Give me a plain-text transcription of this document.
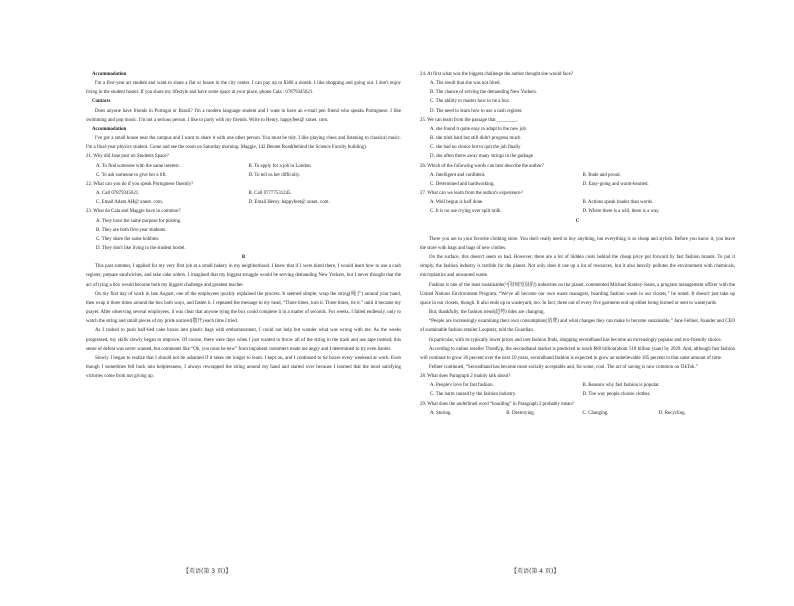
Accommodation

I'm a first-year art student and want to share a flat or house in the city center. I can pay up to $300 a month. I like shopping and going out. I don't enjoy living in the student hostel. If you share my lifestyle and have some space at your place, phone Cala : 07879345621.

Contacts

Does anyone have friends in Portugal or Brazil? I'm a modern language student and I want to have an e-mail pen friend who speaks Portuguese. I like swimming and pop music. I'm not a serious person. I like to party with my friends. Write to Henry. happyfeet@ xnnet. com.

Accommodation

I've got a small house near the campus and I want to share it with one other person. You must be tidy. I like playing chess and listening to classical music. I'm a final-year physics student. Come and see the room on Saturday morning. Maggie, 142 Bennet Road(behind the Science Faculty building).

21. Why did Jane post on Students Space?

A. To find someone with the same interest.	B. To apply for a job in London.
C. To ask someone to give her a lift.	D. To tell us her difficulty.

22. What can you do if you speak Portuguese fluently?

A. Call 07879345621.	B. Call 07777531245.
C. Email Adam AH@ xnnet. com.	D. Email Henry. happyfeet@ xnnet. com.

23. What do Cala and Maggie have in common?

A. They have the same purpose for posting.

B. They are both first-year students.

C. They share the same hobbies.

D. They don't like living in the student hostel.

B

This past summer, I applied for my very first job at a small bakery in my neighborhood. I knew that if I were hired there, I would learn how to use a cash register, prepare sandwiches, and take cake orders. I imagined that my biggest struggle would be serving demanding New Yorkers, but I never thought that the act of tying a box would become both my biggest challenge and greatest teacher.

On my first day of work in late August, one of the employees quickly explained the process. It seemed simple; wrap the string(绳子) around your hand, then wrap it three times around the box both ways, and fasten it. I repeated the message in my head, “Three times, turn it. Three times, tie it.” until it became my prayer. After observing several employees, it was clear that anyone tying the box could complete it in a matter of seconds. For weeks, I failed endlessly, only to watch the string and small pieces of my pride unravel(散开) each time I tried.

As I rushed to push half-tied cake boxes into plastic bags with embarrassment, I could not help but wonder what was wrong with me. As the weeks progressed, my skills slowly began to improve. Of course, there were days when I just wanted to throw all of the string in the trash and use tape instead; this sense of defeat was never wanted, but comments like “Oh, you must be new” from impatient customers made me angry and I determined to try even harder.

Slowly I began to realize that I should not be ashamed if it takes me longer to learn. I kept on, and I continued to tie boxes every weekend at work. Even though I sometimes fell back into helplessness, I always rewrapped the string around my hand and started over because I learned that the most satisfying victories come from not giving up.

24. At first what was the biggest challenge the author thought she would face?

A. The result that she was not hired.

B. The chance of serving the demanding New Yorkers.

C. The ability to master how to tie a box.

D. The need to learn how to use a cash register.

25. We can learn from the passage that ________.

A. she found it quite easy to adapt to the new job

B. she tried hard but still didn't progress much

C. she had no choice but to quit the job finally

D. she often threw away many strings in the garbage

26. Which of the following words can best describe the author?

A. Intelligent and confident.	B. Rude and proud.
C. Determined and hardworking.	D. Easy-going and warm-hearted.

27. What can we learn from the author's experience?

A. Well begun is half done.	B. Actions speak louder than words.
C. It is no use crying over split milk.	D. Where there is a will, there is a way.

C

There you are in your favorite clothing store. You don't really need to buy anything, but everything is so cheap and stylish. Before you know it, you leave the store with bags and bags of new clothes.

On the surface, this doesn't seem so bad. However, there are a lot of hidden costs behind the cheap price put forward by fast fashion brands. To put it simply, the fashion industry is terrible for the planet. Not only does it use up a lot of resources, but it also heavily pollutes the environment with chemicals, microplastics and unwanted waste.

Fashion is one of the least sustainable(可持续发展的) industries on the planet, commented Michael Stanley-Jones, a program management officer with the United Nations Environment Program. “We've all become our own waste managers, boarding fashion waste in our closets,” he noted. It doesn't just take up space in our closets, though. It also ends up in wasteyard, too. In fact, three out of every five garments end up either being burned or sent to wasteyards.

But, thankfully, the fashion trend(趋势) tides are changing.

“People are increasingly examining their own consumption(消费) and what changes they can make to become sustainable,” Jane Fellner, founder and CEO of sustainable fashion retailer Loopster, told the Guardian.

In particular, with its typically lower prices and rare fashion finds, shopping secondhand has become an increasingly popular and eco-friendly choice.

According to online reseller ThredUp, the secondhand market is predicted to reach $80 billion(about 518 billion yuan) by 2029. And, although fast fashion will continue to grow 20 percent over the next 10 years, secondhand fashion is expected to grow an unbelievable 185 percent in that same amount of time.

Fellner continued, “Secondhand has become more socially acceptable and, for some, cool. The act of saving is now common on TikTok.”

28. What does Paragraph 2 mainly talk about?

A. People's love for fast fashion.	B. Reasons why fast fashion is popular.
C. The harm caused by the fashion industry.	D. The way people choose clothes.

29. What does the underlined word “hoarding” in Paragraph 3 probably mean?

A. Storing.	B. Destroying.	C. Changing.	D. Recycling.
【英语(第 3 页)】	【英语(第 4 页)】
